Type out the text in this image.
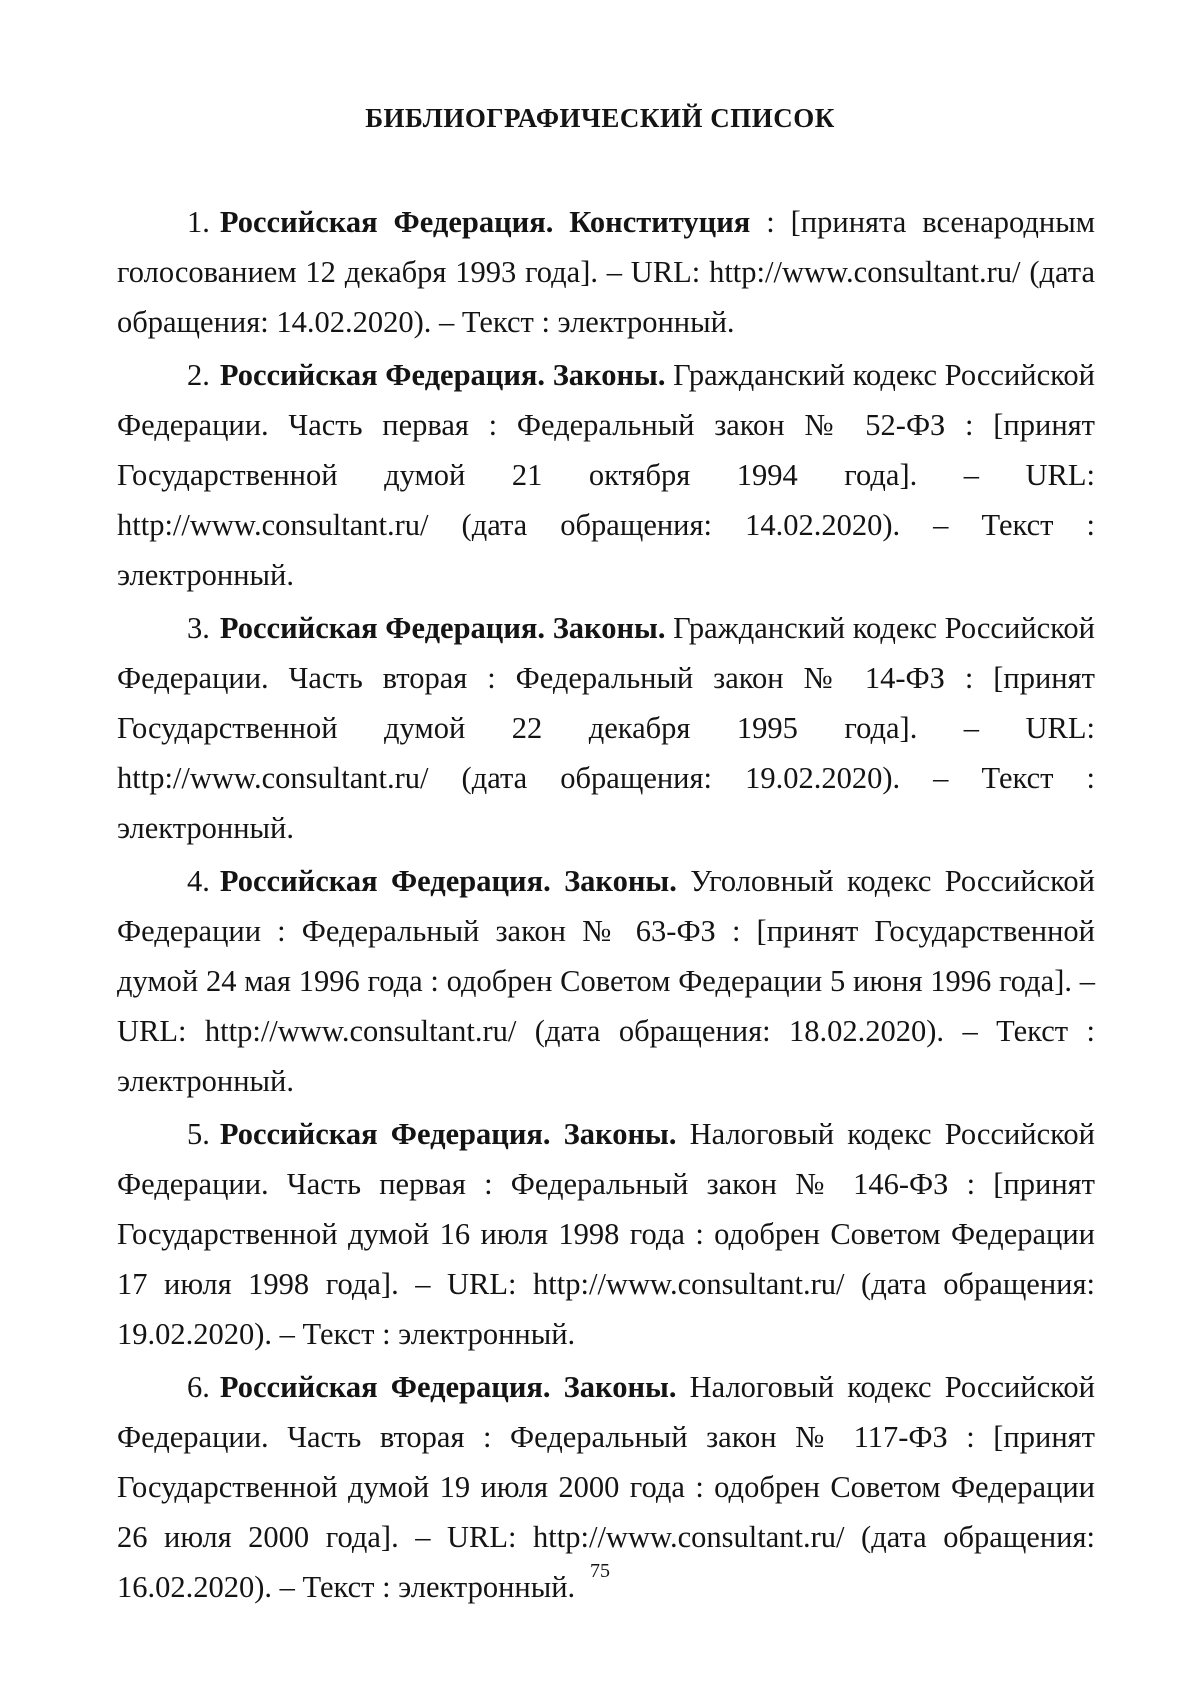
БИБЛИОГРАФИЧЕСКИЙ СПИСОК
1. Российская Федерация. Конституция : [принята всенародным голосованием 12 декабря 1993 года]. – URL: http://www.consultant.ru/ (дата обращения: 14.02.2020). – Текст : электронный.
2. Российская Федерация. Законы. Гражданский кодекс Российской Федерации. Часть первая : Федеральный закон № 52-ФЗ : [принят Государственной думой 21 октября 1994 года]. – URL: http://www.consultant.ru/ (дата обращения: 14.02.2020). – Текст : электронный.
3. Российская Федерация. Законы. Гражданский кодекс Российской Федерации. Часть вторая : Федеральный закон № 14-ФЗ : [принят Государственной думой 22 декабря 1995 года]. – URL: http://www.consultant.ru/ (дата обращения: 19.02.2020). – Текст : электронный.
4. Российская Федерация. Законы. Уголовный кодекс Российской Федерации : Федеральный закон № 63-ФЗ : [принят Государственной думой 24 мая 1996 года : одобрен Советом Федерации 5 июня 1996 года]. – URL: http://www.consultant.ru/ (дата обращения: 18.02.2020). – Текст : электронный.
5. Российская Федерация. Законы. Налоговый кодекс Российской Федерации. Часть первая : Федеральный закон № 146-ФЗ : [принят Государственной думой 16 июля 1998 года : одобрен Советом Федерации 17 июля 1998 года]. – URL: http://www.consultant.ru/ (дата обращения: 19.02.2020). – Текст : электронный.
6. Российская Федерация. Законы. Налоговый кодекс Российской Федерации. Часть вторая : Федеральный закон № 117-ФЗ : [принят Государственной думой 19 июля 2000 года : одобрен Советом Федерации 26 июля 2000 года]. – URL: http://www.consultant.ru/ (дата обращения: 16.02.2020). – Текст : электронный. 75
